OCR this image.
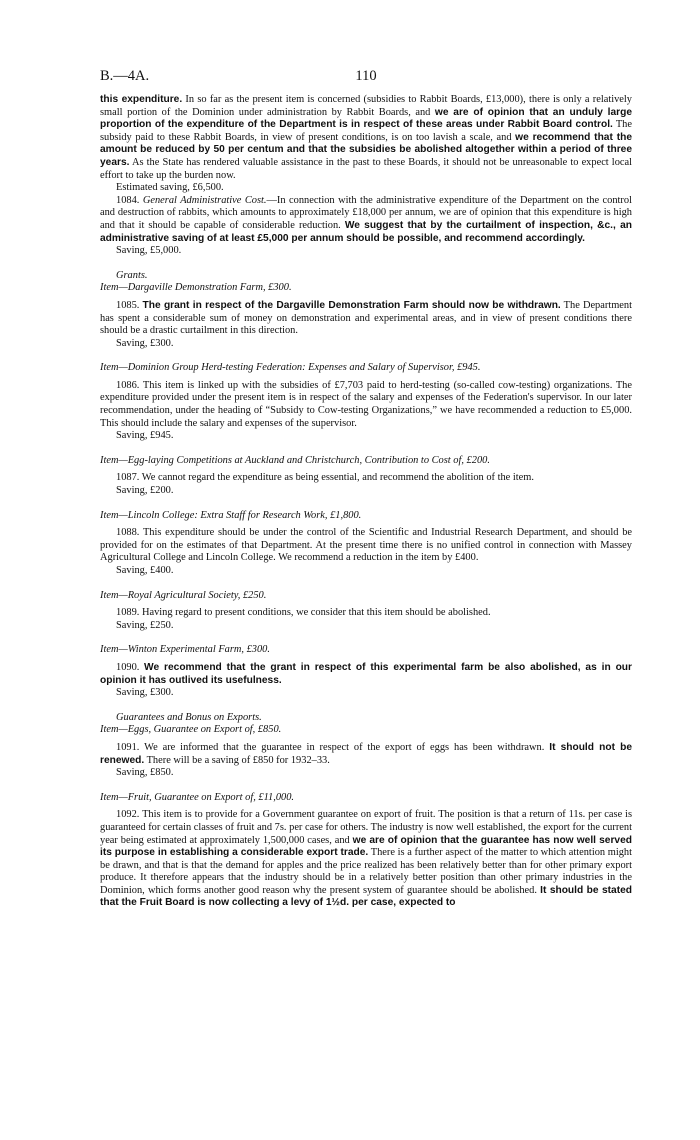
B.—4A.	110

this expenditure. In so far as the present item is concerned (subsidies to Rabbit Boards, £13,000), there is only a relatively small portion of the Dominion under administration by Rabbit Boards, and we are of opinion that an unduly large proportion of the expenditure of the Department is in respect of these areas under Rabbit Board control. The subsidy paid to these Rabbit Boards, in view of present conditions, is on too lavish a scale, and we recommend that the amount be reduced by 50 per centum and that the subsidies be abolished altogether within a period of three years. As the State has rendered valuable assistance in the past to these Boards, it should not be unreasonable to expect local effort to take up the burden now.

Estimated saving, £6,500.

1084. General Administrative Cost.—In connection with the administrative expenditure of the Department on the control and destruction of rabbits, which amounts to approximately £18,000 per annum, we are of opinion that this expenditure is high and that it should be capable of considerable reduction. We suggest that by the curtailment of inspection, &c., an administrative saving of at least £5,000 per annum should be possible, and recommend accordingly.

Saving, £5,000.

Grants.
Item—Dargaville Demonstration Farm, £300.

1085. The grant in respect of the Dargaville Demonstration Farm should now be withdrawn. The Department has spent a considerable sum of money on demonstration and experimental areas, and in view of present conditions there should be a drastic curtailment in this direction.

Saving, £300.

Item—Dominion Group Herd-testing Federation: Expenses and Salary of Supervisor, £945.

1086. This item is linked up with the subsidies of £7,703 paid to herd-testing (so-called cow-testing) organizations. The expenditure provided under the present item is in respect of the salary and expenses of the Federation's supervisor. In our later recommendation, under the heading of “Subsidy to Cow-testing Organizations,” we have recommended a reduction to £5,000. This should include the salary and expenses of the supervisor.

Saving, £945.

Item—Egg-laying Competitions at Auckland and Christchurch, Contribution to Cost of, £200.

1087. We cannot regard the expenditure as being essential, and recommend the abolition of the item.

Saving, £200.

Item—Lincoln College: Extra Staff for Research Work, £1,800.

1088. This expenditure should be under the control of the Scientific and Industrial Research Department, and should be provided for on the estimates of that Department. At the present time there is no unified control in connection with Massey Agricultural College and Lincoln College. We recommend a reduction in the item by £400.

Saving, £400.

Item—Royal Agricultural Society, £250.

1089. Having regard to present conditions, we consider that this item should be abolished.

Saving, £250.

Item—Winton Experimental Farm, £300.

1090. We recommend that the grant in respect of this experimental farm be also abolished, as in our opinion it has outlived its usefulness.

Saving, £300.

Guarantees and Bonus on Exports.
Item—Eggs, Guarantee on Export of, £850.

1091. We are informed that the guarantee in respect of the export of eggs has been withdrawn. It should not be renewed. There will be a saving of £850 for 1932–33.

Saving, £850.

Item—Fruit, Guarantee on Export of, £11,000.

1092. This item is to provide for a Government guarantee on export of fruit. The position is that a return of 11s. per case is guaranteed for certain classes of fruit and 7s. per case for others. The industry is now well established, the export for the current year being estimated at approximately 1,500,000 cases, and we are of opinion that the guarantee has now well served its purpose in establishing a considerable export trade. There is a further aspect of the matter to which attention might be drawn, and that is that the demand for apples and the price realized has been relatively better than for other primary export produce. It therefore appears that the industry should be in a relatively better position than other primary industries in the Dominion, which forms another good reason why the present system of guarantee should be abolished. It should be stated that the Fruit Board is now collecting a levy of 1½d. per case, expected to
